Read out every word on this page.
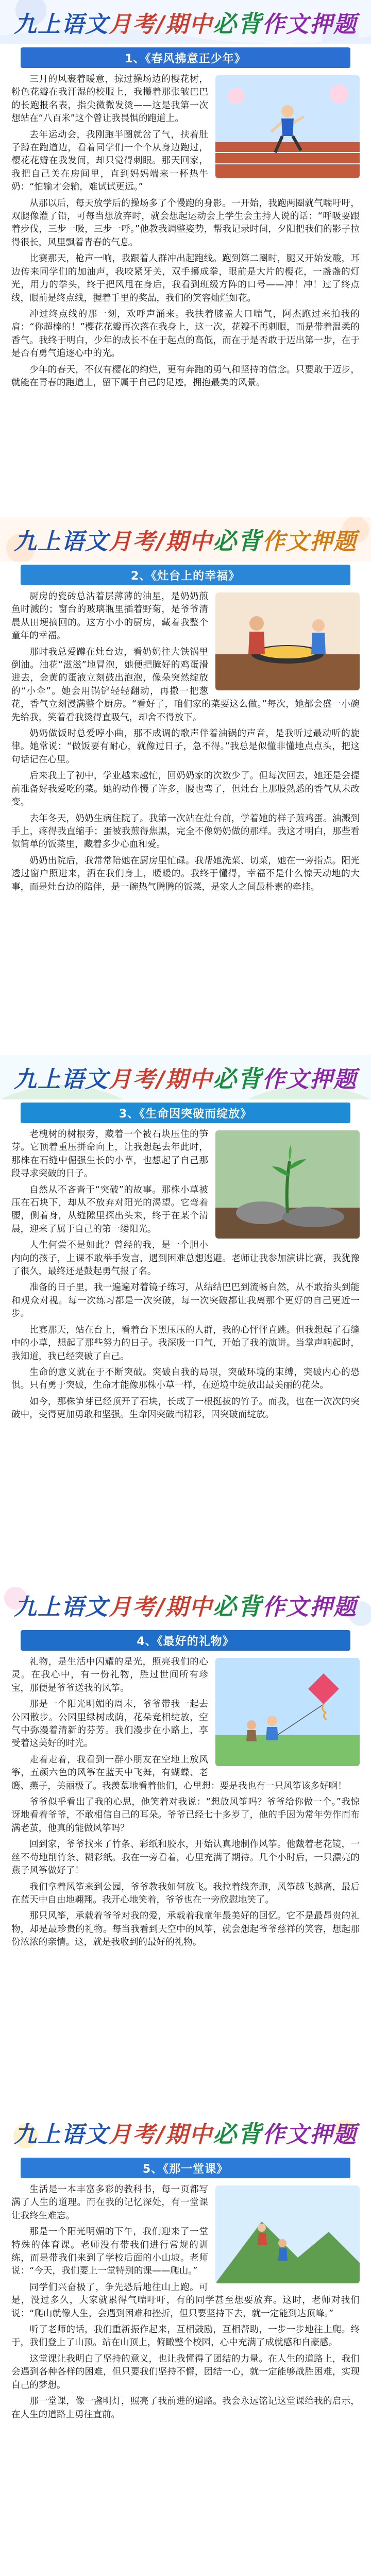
九上语文月考/期中必背作文押题
1、《春风拂意正少年》

三月的风裹着暖意，掠过操场边的樱花树，粉色花瓣在我汗湿的校服上，我攥着那张皱巴巴的长跑报名表，指尖微微发烫——这是我第一次想站在“八百米”这个曾让我畏惧的跑道上。

去年运动会，我刚跑半圈就岔了气，扶着肚子蹲在跑道边，看着同学们一个个从身边跑过，樱花花瓣在我发间，却只觉得刺眼。那天回家，我把自己关在房间里，直到妈妈端来一杯热牛奶：“怕输才会输，难试试更远。”

从那以后，每天放学后的操场多了个慢跑的身影。一开始，我跑两圈就气喘吁吁，双腿像灌了铅，可每当想放弃时，就会想起运动会上学生会主持人说的话：“呼吸要跟着步伐，三步一吸，三步一呼。”他教我调整姿势，帮我记录时间，夕阳把我们的影子拉得很长，风里飘着青春的气息。

比赛那天，枪声一响，我跟着人群冲出起跑线。跑到第二圈时，腿又开始发酸，耳边传来同学们的加油声，我咬紧牙关，双手攥成拳，眼前是大片的樱花，一盏盏的灯光，用力的拳头，终于把风甩在身后，我看到班级方阵的口号——冲！冲！过了终点线，眼前是终点线，握着手里的奖品，我们的笑容灿烂如花。

冲过终点线的那一刻，欢呼声涌来。我扶着膝盖大口喘气，阿杰跑过来拍我的肩：“你超棒的！”樱花花瓣再次落在我身上，这一次，花瓣不再刺眼，而是带着温柔的香气。我终于明白，少年的成长不在于起点的高低，而在于是否敢于迈出第一步，在于是否有勇气追逐心中的光。

少年的春天，不仅有樱花的绚烂，更有奔跑的勇气和坚持的信念。只要敢于迈步，就能在青春的跑道上，留下属于自己的足迹，拥抱最美的风景。

九上语文月考/期中必背作文押题
2、《灶台上的幸福》

厨房的瓷砖总沾着层薄薄的油星，是奶奶煎鱼时溅的；窗台的玻璃瓶里插着野菊，是爷爷清晨从田埂摘回的。这方小小的厨房，藏着我整个童年的幸福。

那时我总爱蹲在灶台边，看奶奶往大铁锅里倒油。油花“滋滋”地冒泡，她便把腌好的鸡蛋滑进去，金黄的蛋液立刻鼓出泡泡，像朵突然绽放的“小伞”。她会用锅铲轻轻翻动，再撒一把葱花，香气立刻漫满整个厨房。“看好了，咱们家的菜要这么做。”每次，她都会盛一小碗先给我，笑着看我烫得直吸气，却舍不得放下。

奶奶做饭时总爱哼小曲，那不成调的歌声伴着油锅的声音，是我听过最动听的旋律。她常说：“做饭要有耐心，就像过日子，急不得。”我总是似懂非懂地点点头，把这句话记在心里。

后来我上了初中，学业越来越忙，回奶奶家的次数少了。但每次回去，她还是会提前准备好我爱吃的菜。她的动作慢了许多，腰也弯了，但灶台上那股熟悉的香气从未改变。

去年冬天，奶奶生病住院了。我第一次站在灶台前，学着她的样子煎鸡蛋。油溅到手上，疼得我直缩手；蛋被我煎得焦黑，完全不像奶奶做的那样。我这才明白，那些看似简单的饭菜里，藏着多少心血和爱。

奶奶出院后，我常常陪她在厨房里忙碌。我帮她洗菜、切菜，她在一旁指点。阳光透过窗户照进来，洒在我们身上，暖暖的。我终于懂得，幸福不是什么惊天动地的大事，而是灶台边的陪伴，是一碗热气腾腾的饭菜，是家人之间最朴素的牵挂。

九上语文月考/期中必背作文押题
3、《生命因突破而绽放》

老槐树的树根旁，藏着一个被石块压住的笋芽。它顶着重压拼命向上，让我想起去年此时，那株在石缝中倔强生长的小草，也想起了自己那段寻求突破的日子。

自然从不吝啬于“突破”的故事。那株小草被压在石块下，却从不放弃对阳光的渴望。它弯着腰，侧着身，从缝隙里探出头来，终于在某个清晨，迎来了属于自己的第一缕阳光。

人生何尝不是如此？曾经的我，是一个胆小内向的孩子，上课不敢举手发言，遇到困难总想逃避。老师让我参加演讲比赛，我犹豫了很久，最终还是鼓起勇气报了名。

准备的日子里，我一遍遍对着镜子练习，从结结巴巴到流畅自然，从不敢抬头到能和观众对视。每一次练习都是一次突破，每一次突破都让我离那个更好的自己更近一步。

比赛那天，站在台上，看着台下黑压压的人群，我的心怦怦直跳。但我想起了石缝中的小草，想起了那些努力的日子。我深吸一口气，开始了我的演讲。当掌声响起时，我知道，我已经突破了自己。

生命的意义就在于不断突破。突破自我的局限，突破环境的束缚，突破内心的恐惧。只有勇于突破，生命才能像那株小草一样，在逆境中绽放出最美丽的花朵。

如今，那株笋芽已经顶开了石块，长成了一根挺拔的竹子。而我，也在一次次的突破中，变得更加勇敢和坚强。生命因突破而精彩，因突破而绽放。

九上语文月考/期中必背作文押题
4、《最好的礼物》

礼物，是生活中闪耀的星光，照亮我们的心灵。在我心中，有一份礼物，胜过世间所有珍宝，那便是爷爷送我的风筝。

那是一个阳光明媚的周末，爷爷带我一起去公园散步。公园里绿树成荫，花朵竞相绽放，空气中弥漫着清新的芬芳。我们漫步在小路上，享受着这美好的时光。

走着走着，我看到一群小朋友在空地上放风筝，五颜六色的风筝在蓝天中飞舞，有蝴蝶、老鹰、燕子，美丽极了。我羡慕地看着他们，心里想：要是我也有一只风筝该多好啊！

爷爷似乎看出了我的心思，他笑着对我说：“想放风筝吗？爷爷给你做一个。”我惊讶地看着爷爷，不敢相信自己的耳朵。爷爷已经七十多岁了，他的手因为常年劳作而布满老茧，他真的能做风筝吗？

回到家，爷爷找来了竹条、彩纸和胶水，开始认真地制作风筝。他戴着老花镜，一丝不苟地削竹条、糊彩纸。我在一旁看着，心里充满了期待。几个小时后，一只漂亮的燕子风筝做好了！

我们拿着风筝来到公园，爷爷教我如何放飞。我拉着线奔跑，风筝越飞越高，最后在蓝天中自由地翱翔。我开心地笑着，爷爷也在一旁欣慰地笑了。

那只风筝，承载着爷爷对我的爱，承载着我童年最美好的回忆。它不是最昂贵的礼物，却是最珍贵的礼物。每当我看到天空中的风筝，就会想起爷爷慈祥的笑容，想起那份浓浓的亲情。这，就是我收到的最好的礼物。

九上语文月考/期中必背作文押题
5、《那一堂课》

生活是一本丰富多彩的教科书，每一页都写满了人生的道理。而在我的记忆深处，有一堂课让我终生难忘。

那是一个阳光明媚的下午，我们迎来了一堂特殊的体育课。老师没有带我们进行常规的训练，而是带我们来到了学校后面的小山坡。老师说：“今天，我们要上一堂特别的课——爬山。”

同学们兴奋极了，争先恐后地往山上跑。可是，没过多久，大家就累得气喘吁吁，有的同学甚至想要放弃。这时，老师对我们说：“爬山就像人生，会遇到困难和挫折，但只要坚持下去，就一定能到达顶峰。”

听了老师的话，我们重新振作起来，互相鼓励，互相帮助，一步一步地往上爬。终于，我们登上了山顶。站在山顶上，俯瞰整个校园，心中充满了成就感和自豪感。

这堂课让我明白了坚持的意义，也让我懂得了团结的力量。在人生的道路上，我们会遇到各种各样的困难，但只要我们坚持不懈，团结一心，就一定能够战胜困难，实现自己的梦想。

那一堂课，像一盏明灯，照亮了我前进的道路。我会永远铭记这堂课给我的启示，在人生的道路上勇往直前。
